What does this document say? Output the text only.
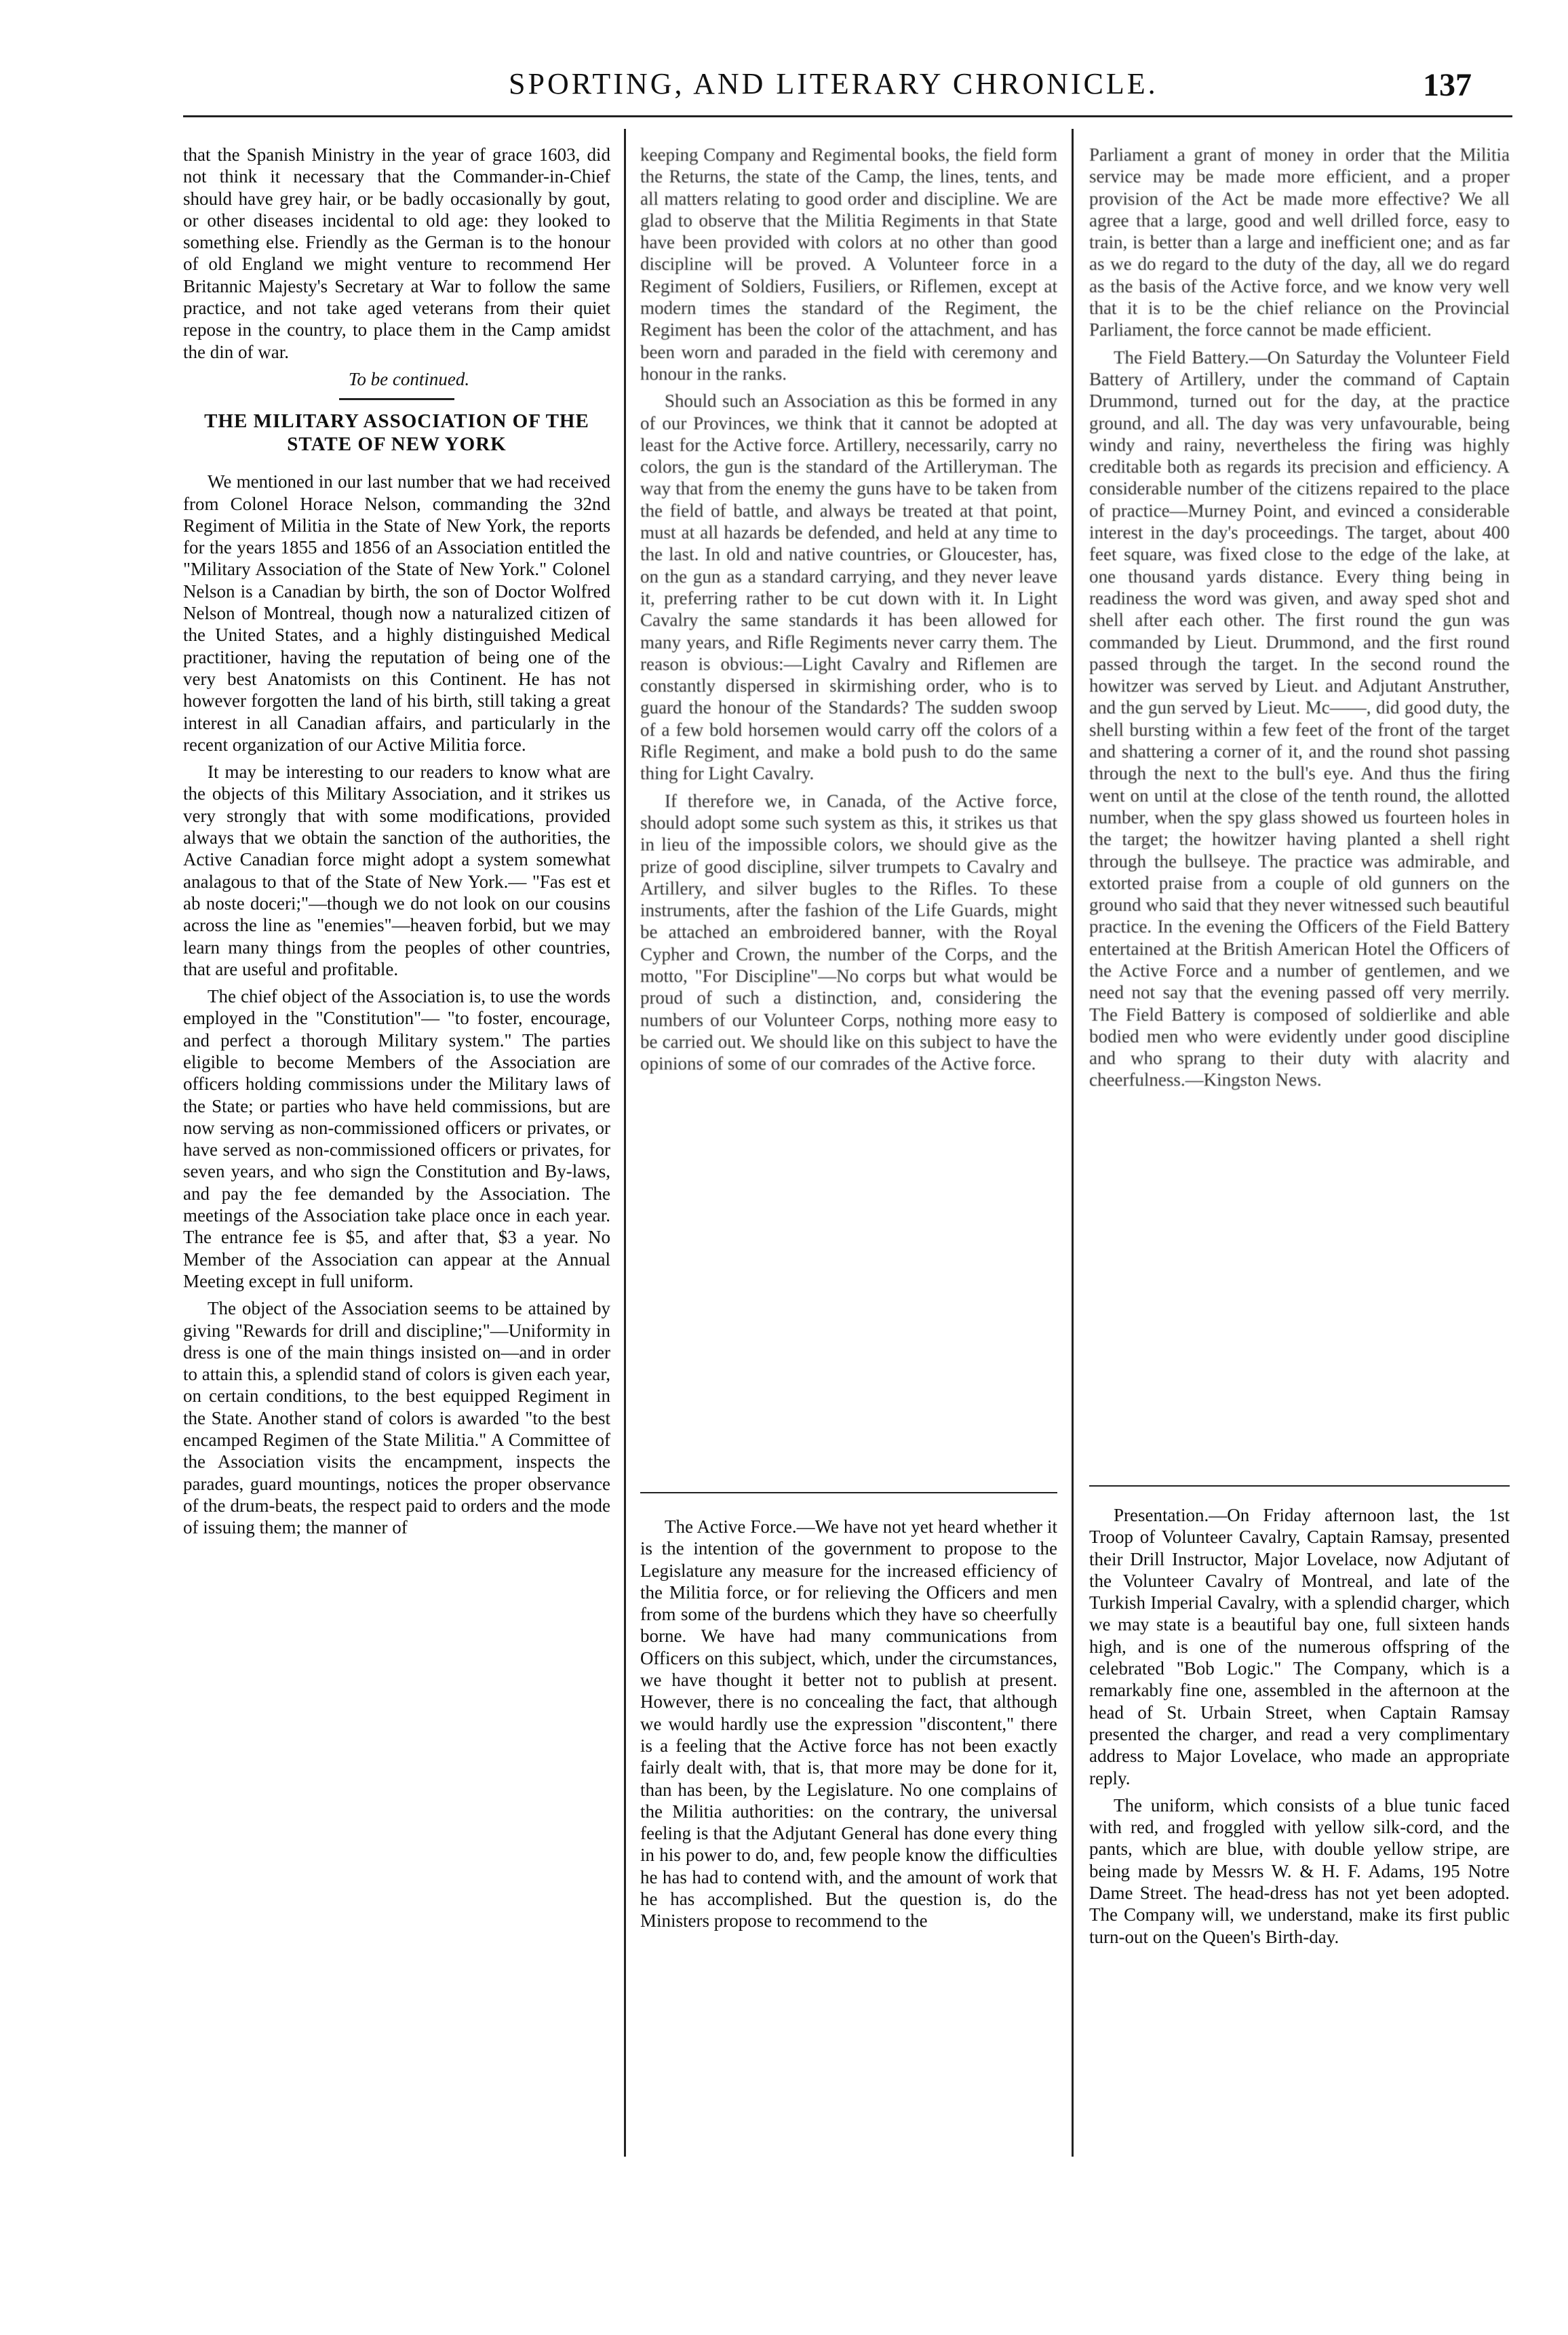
SPORTING, AND LITERARY CHRONICLE.	137

that the Spanish Ministry in the year of grace 1603, did not think it necessary that the Commander-in-Chief should have grey hair, or be badly occasionally by gout, or other diseases incidental to old age: they looked to something else. Friendly as the German is to the honour of old England we might venture to recommend Her Britannic Majesty's Secretary at War to follow the same practice, and not take aged veterans from their quiet repose in the country, to place them in the Camp amidst the din of war.

To be continued.

THE MILITARY ASSOCIATION OF THE STATE OF NEW YORK

We mentioned in our last number that we had received from Colonel Horace Nelson, commanding the 32nd Regiment of Militia in the State of New York, the reports for the years 1855 and 1856 of an Association entitled the "Military Association of the State of New York." Colonel Nelson is a Canadian by birth, the son of Doctor Wolfred Nelson of Montreal, though now a naturalized citizen of the United States, and a highly distinguished Medical practitioner, having the reputation of being one of the very best Anatomists on this Continent. He has not however forgotten the land of his birth, still taking a great interest in all Canadian affairs, and particularly in the recent organization of our Active Militia force.

It may be interesting to our readers to know what are the objects of this Military Association, and it strikes us very strongly that with some modifications, provided always that we obtain the sanction of the authorities, the Active Canadian force might adopt a system somewhat analagous to that of the State of New York.— "Fas est et ab noste doceri;"—though we do not look on our cousins across the line as "enemies"—heaven forbid, but we may learn many things from the peoples of other countries, that are useful and profitable.

The chief object of the Association is, to use the words employed in the "Constitution"— "to foster, encourage, and perfect a thorough Military system." The parties eligible to become Members of the Association are officers holding commissions under the Military laws of the State; or parties who have held commissions, but are now serving as non-commissioned officers or privates, or have served as non-commissioned officers or privates, for seven years, and who sign the Constitution and By-laws, and pay the fee demanded by the Association. The meetings of the Association take place once in each year. The entrance fee is $5, and after that, $3 a year. No Member of the Association can appear at the Annual Meeting except in full uniform.

The object of the Association seems to be attained by giving "Rewards for drill and discipline;"—Uniformity in dress is one of the main things insisted on—and in order to attain this, a splendid stand of colors is given each year, on certain conditions, to the best equipped Regiment in the State. Another stand of colors is awarded "to the best encamped Regimen of the State Militia." A Committee of the Association visits the encampment, inspects the parades, guard mountings, notices the proper observance of the drum-beats, the respect paid to orders and the mode of issuing them; the manner of

keeping Company and Regimental books, the field form the Returns, the state of the Camp, the lines, tents, and all matters relating to good order and discipline. We are glad to observe that the Militia Regiments in that State have been provided with colors at no other than good discipline will be proved. A Volunteer force in a Regiment of Soldiers, Fusiliers, or Riflemen, except at modern times the standard of the Regiment, the Regiment has been the color of the attachment, and has been worn and paraded in the field with ceremony and honour in the ranks.

Should such an Association as this be formed in any of our Provinces, we think that it cannot be adopted at least for the Active force. Artillery, necessarily, carry no colors, the gun is the standard of the Artilleryman. The way that from the enemy the guns have to be taken from the field of battle, and always be treated at that point, must at all hazards be defended, and held at any time to the last. In old and native countries, or Gloucester, has, on the gun as a standard carrying, and they never leave it, preferring rather to be cut down with it. In Light Cavalry the same standards it has been allowed for many years, and Rifle Regiments never carry them. The reason is obvious:—Light Cavalry and Riflemen are constantly dispersed in skirmishing order, who is to guard the honour of the Standards? The sudden swoop of a few bold horsemen would carry off the colors of a Rifle Regiment, and make a bold push to do the same thing for Light Cavalry.

If therefore we, in Canada, of the Active force, should adopt some such system as this, it strikes us that in lieu of the impossible colors, we should give as the prize of good discipline, silver trumpets to Cavalry and Artillery, and silver bugles to the Rifles. To these instruments, after the fashion of the Life Guards, might be attached an embroidered banner, with the Royal Cypher and Crown, the number of the Corps, and the motto, "For Discipline"—No corps but what would be proud of such a distinction, and, considering the numbers of our Volunteer Corps, nothing more easy to be carried out. We should like on this subject to have the opinions of some of our comrades of the Active force.

The Active Force.—We have not yet heard whether it is the intention of the government to propose to the Legislature any measure for the increased efficiency of the Militia force, or for relieving the Officers and men from some of the burdens which they have so cheerfully borne. We have had many communications from Officers on this subject, which, under the circumstances, we have thought it better not to publish at present. However, there is no concealing the fact, that although we would hardly use the expression "discontent," there is a feeling that the Active force has not been exactly fairly dealt with, that is, that more may be done for it, than has been, by the Legislature. No one complains of the Militia authorities: on the contrary, the universal feeling is that the Adjutant General has done every thing in his power to do, and, few people know the difficulties he has had to contend with, and the amount of work that he has accomplished. But the question is, do the Ministers propose to recommend to the

Parliament a grant of money in order that the Militia service may be made more efficient, and a proper provision of the Act be made more effective? We all agree that a large, good and well drilled force, easy to train, is better than a large and inefficient one; and as far as we do regard to the duty of the day, all we do regard as the basis of the Active force, and we know very well that it is to be the chief reliance on the Provincial Parliament, the force cannot be made efficient.

The Field Battery.—On Saturday the Volunteer Field Battery of Artillery, under the command of Captain Drummond, turned out for the day, at the practice ground, and all. The day was very unfavourable, being windy and rainy, nevertheless the firing was highly creditable both as regards its precision and efficiency. A considerable number of the citizens repaired to the place of practice—Murney Point, and evinced a considerable interest in the day's proceedings. The target, about 400 feet square, was fixed close to the edge of the lake, at one thousand yards distance. Every thing being in readiness the word was given, and away sped shot and shell after each other. The first round the gun was commanded by Lieut. Drummond, and the first round passed through the target. In the second round the howitzer was served by Lieut. and Adjutant Anstruther, and the gun served by Lieut. Mc——, did good duty, the shell bursting within a few feet of the front of the target and shattering a corner of it, and the round shot passing through the next to the bull's eye. And thus the firing went on until at the close of the tenth round, the allotted number, when the spy glass showed us fourteen holes in the target; the howitzer having planted a shell right through the bullseye. The practice was admirable, and extorted praise from a couple of old gunners on the ground who said that they never witnessed such beautiful practice. In the evening the Officers of the Field Battery entertained at the British American Hotel the Officers of the Active Force and a number of gentlemen, and we need not say that the evening passed off very merrily. The Field Battery is composed of soldierlike and able bodied men who were evidently under good discipline and who sprang to their duty with alacrity and cheerfulness.—Kingston News.

Presentation.—On Friday afternoon last, the 1st Troop of Volunteer Cavalry, Captain Ramsay, presented their Drill Instructor, Major Lovelace, now Adjutant of the Volunteer Cavalry of Montreal, and late of the Turkish Imperial Cavalry, with a splendid charger, which we may state is a beautiful bay one, full sixteen hands high, and is one of the numerous offspring of the celebrated "Bob Logic." The Company, which is a remarkably fine one, assembled in the afternoon at the head of St. Urbain Street, when Captain Ramsay presented the charger, and read a very complimentary address to Major Lovelace, who made an appropriate reply.

The uniform, which consists of a blue tunic faced with red, and froggled with yellow silk-cord, and the pants, which are blue, with double yellow stripe, are being made by Messrs W. & H. F. Adams, 195 Notre Dame Street. The head-dress has not yet been adopted. The Company will, we understand, make its first public turn-out on the Queen's Birth-day.
